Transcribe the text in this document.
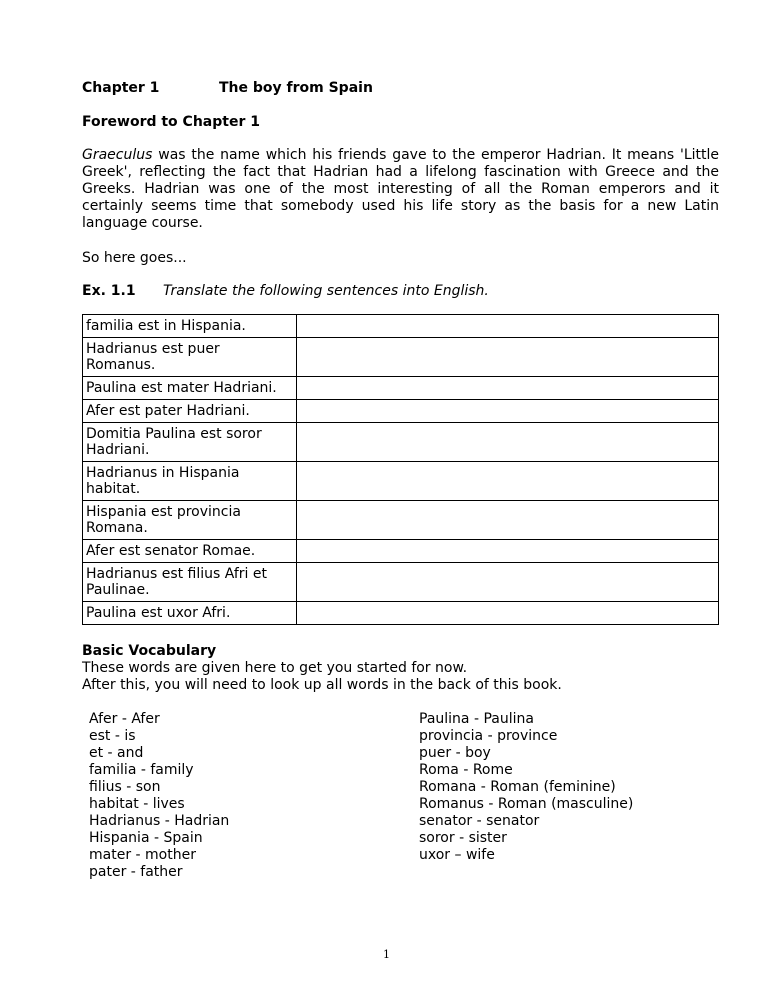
Chapter 1	The boy from Spain
Foreword to Chapter 1
Graeculus was the name which his friends gave to the emperor Hadrian. It means 'Little Greek', reflecting the fact that Hadrian had a lifelong fascination with Greece and the Greeks. Hadrian was one of the most interesting of all the Roman emperors and it certainly seems time that somebody used his life story as the basis for a new Latin language course.
So here goes...
Ex. 1.1	Translate the following sentences into English.
familia est in Hispania.	
Hadrianus est puer Romanus.	
Paulina est mater Hadriani.	
Afer est pater Hadriani.	
Domitia Paulina est soror Hadriani.	
Hadrianus in Hispania habitat.	
Hispania est provincia Romana.	
Afer est senator Romae.	
Hadrianus est filius Afri et Paulinae.	
Paulina est uxor Afri.	
Basic Vocabulary
These words are given here to get you started for now.
After this, you will need to look up all words in the back of this book.
Afer - Afer
est - is
et - and
familia - family
filius - son
habitat - lives
Hadrianus - Hadrian
Hispania - Spain
mater - mother
pater - father
Paulina - Paulina
provincia - province
puer - boy
Roma - Rome
Romana - Roman (feminine)
Romanus - Roman (masculine)
senator - senator
soror - sister
uxor – wife
1
